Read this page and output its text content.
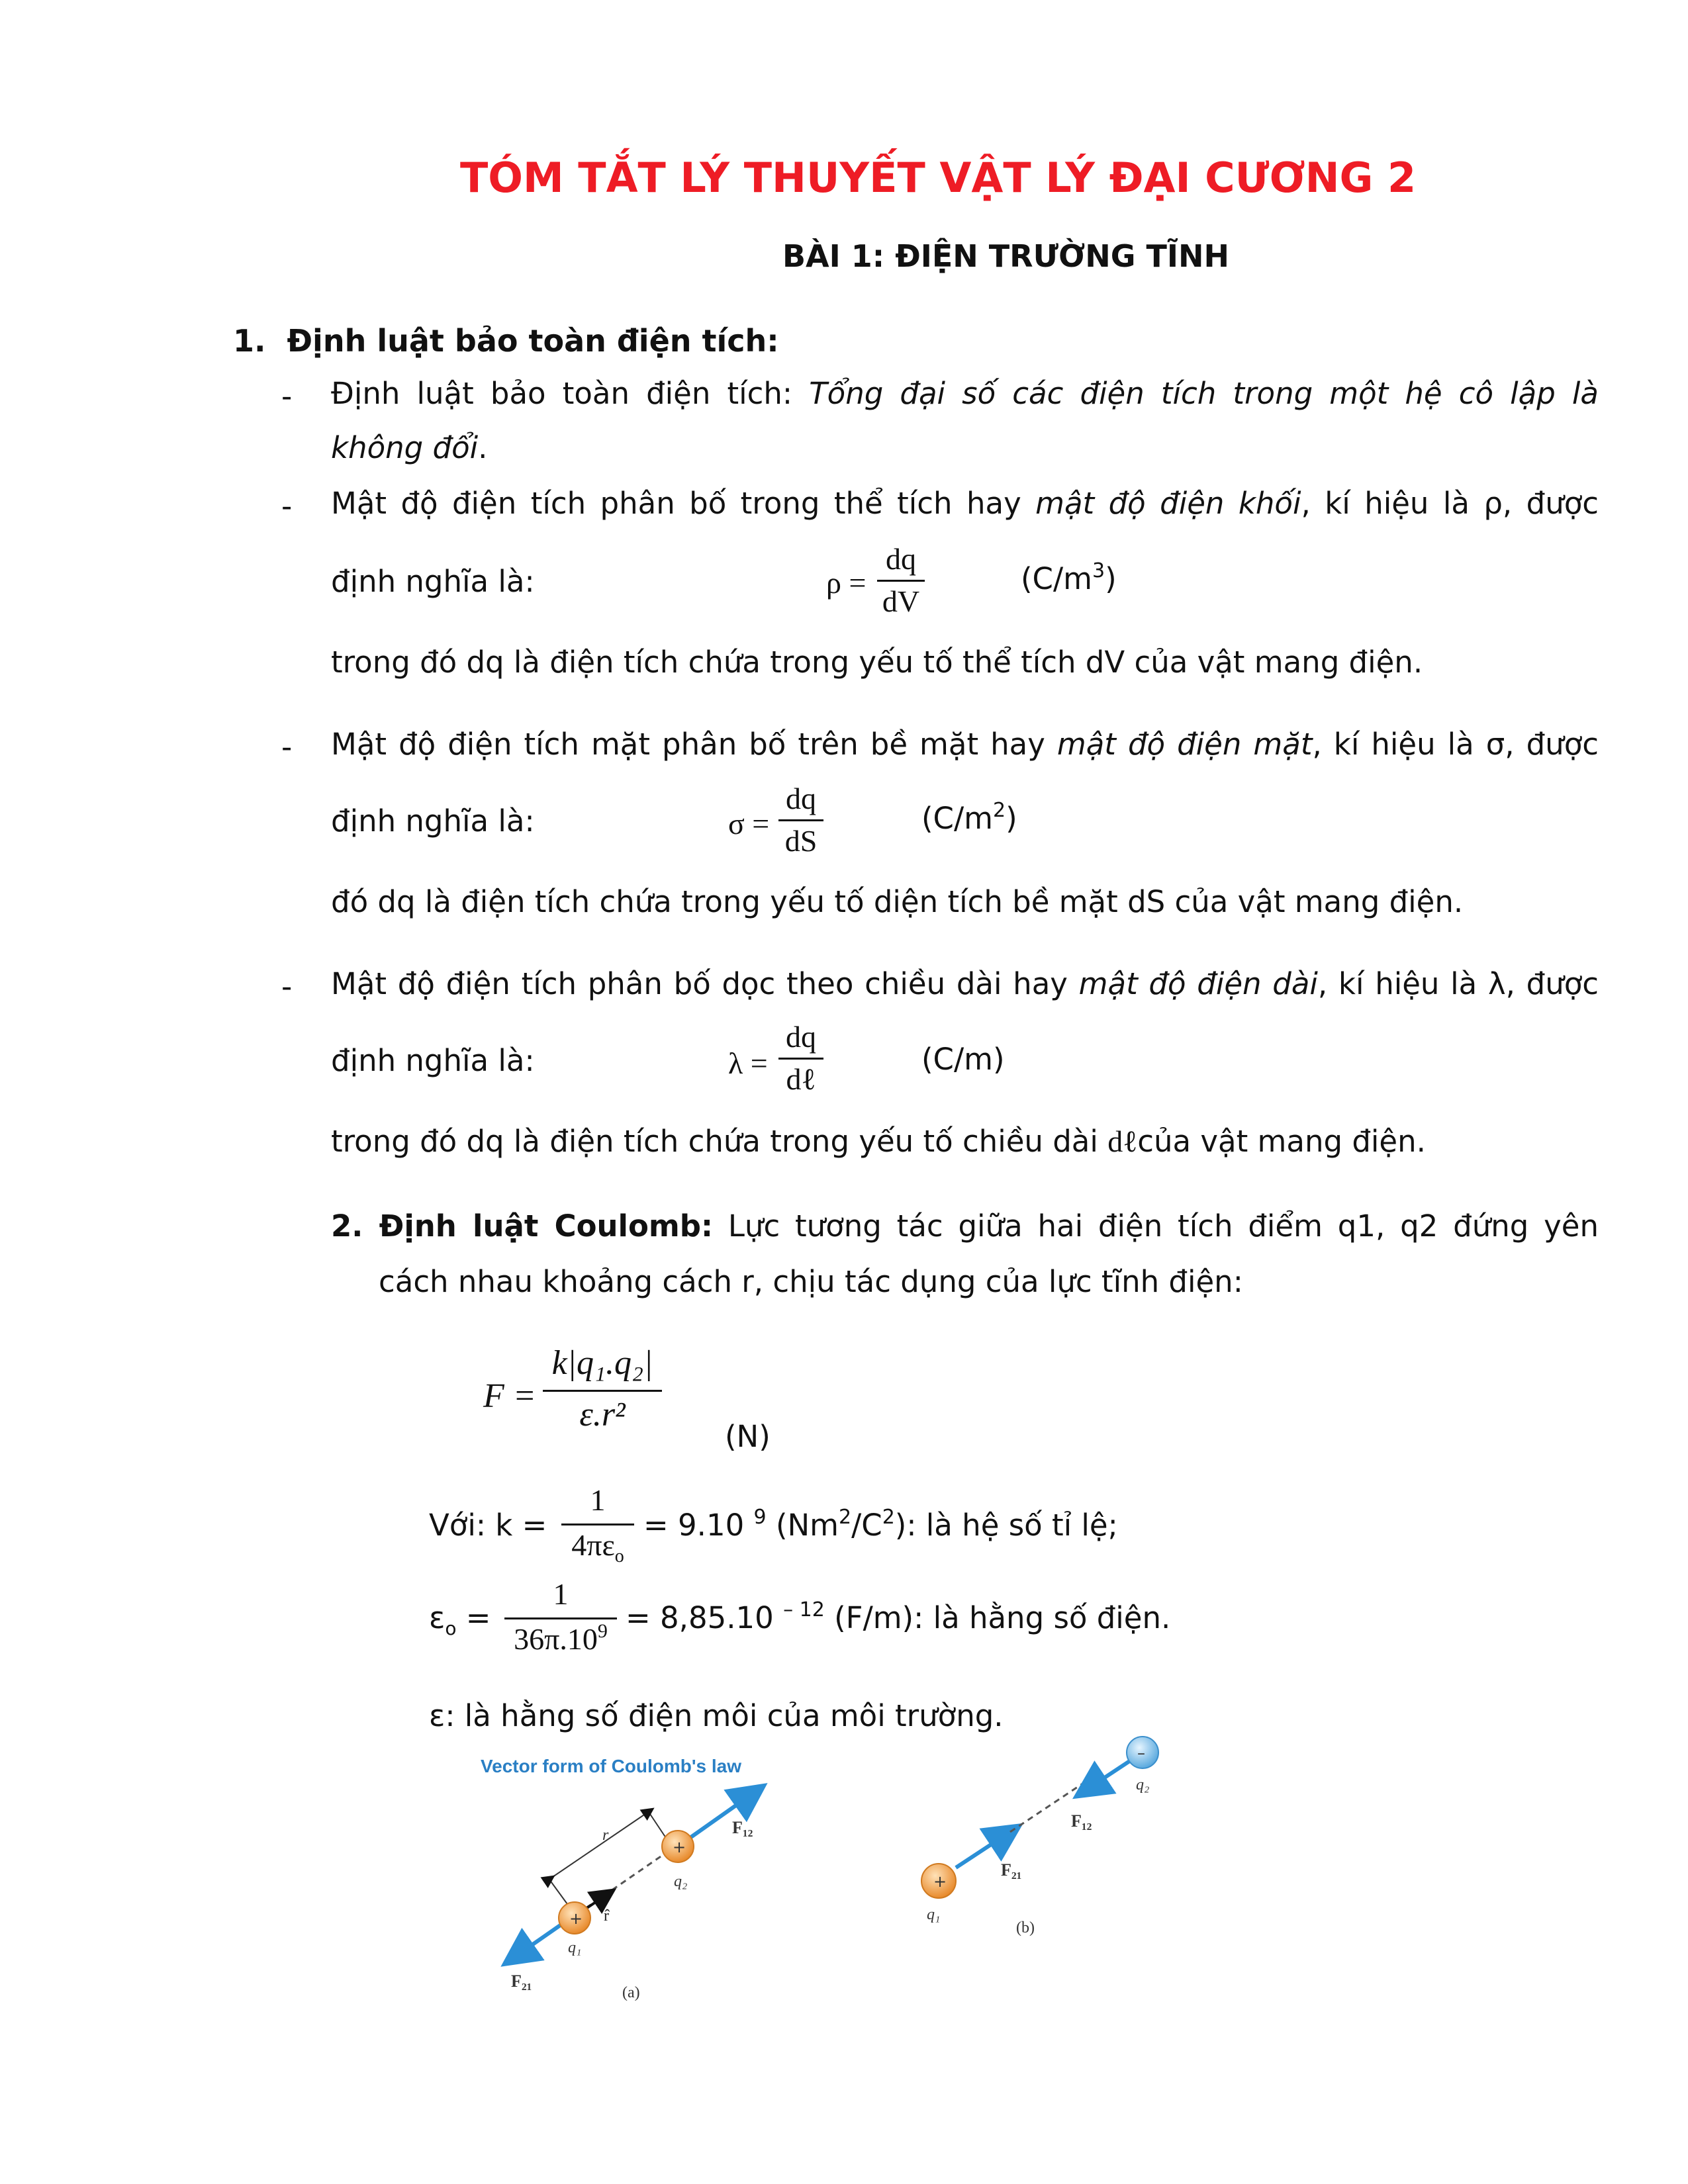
TÓM TẮT LÝ THUYẾT VẬT LÝ ĐẠI CƯƠNG 2
BÀI 1: ĐIỆN TRƯỜNG TĨNH
1. Định luật bảo toàn điện tích:
- Định luật bảo toàn điện tích: Tổng đại số các điện tích trong một hệ cô lập là
không đổi.
- Mật độ điện tích phân bố trong thể tích hay mật độ điện khối, kí hiệu là ρ, được
định nghĩa là:	ρ =
dq
dV
$(C/m^3)$
trong đó dq là điện tích chứa trong yếu tố thể tích dV của vật mang điện.
- Mật độ điện tích mặt phân bố trên bề mặt hay mật độ điện mặt, kí hiệu là σ, được
định nghĩa là:	σ =
dq
dS
$(C/m^2)$
đó dq là điện tích chứa trong yếu tố diện tích bề mặt dS của vật mang điện.
- Mật độ điện tích phân bố dọc theo chiều dài hay mật độ điện dài, kí hiệu là λ, được
định nghĩa là:	λ =
dq
dℓ
(C/m)
trong đó dq là điện tích chứa trong yếu tố chiều dài dℓcủa vật mang điện.
2. Định luật Coulomb: Lực tương tác giữa hai điện tích điểm q1, q2 đứng yên
cách nhau khoảng cách r, chịu tác dụng của lực tĩnh điện:
F =
k|q₁.q₂|
ε.r²
(N)
Với: k =
1
$4\pi\varepsilon_o$
= 9.10 $^9$ $(Nm^2/C^2)$: là hệ số tỉ lệ;
$\varepsilon_o$ =
1
$36\pi.10^9 = 8,85.10$ $^{- 12}$ (F/m): là hằng số điện.
ε: là hằng số điện môi của môi trường.
Vector form of Coulomb's law
r
r̂
+
+
q₁
q₂
F₁₂
F₂₁
(a)
+
–
q₁
q₂
F₁₂
F₂₁
(b)
